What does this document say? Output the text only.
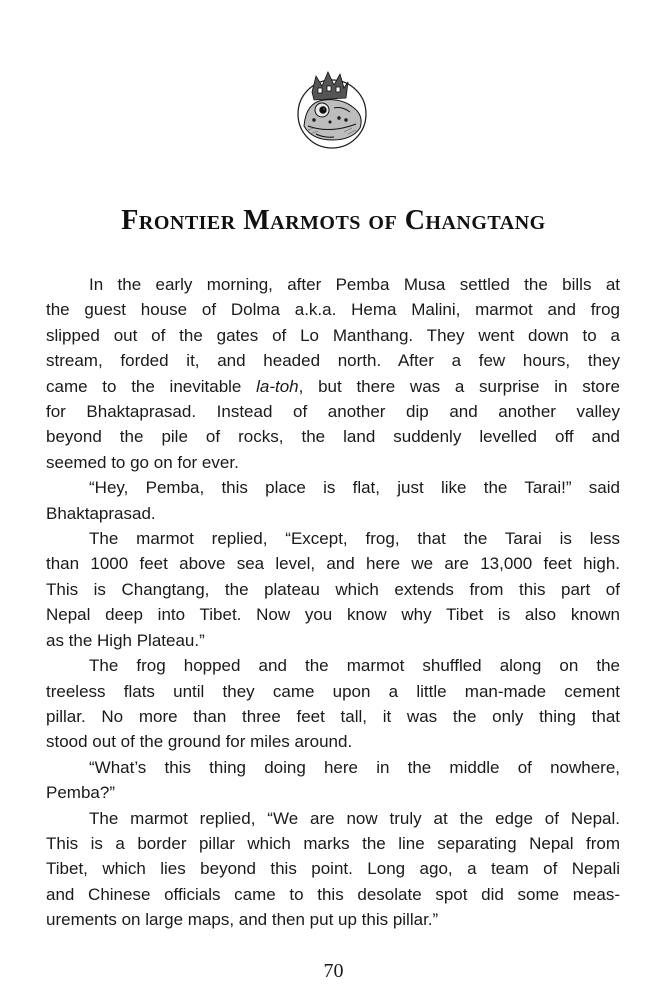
Frontier Marmots of Changtang
In the early morning, after Pemba Musa settled the bills at
the guest house of Dolma a.k.a. Hema Malini, marmot and frog
slipped out of the gates of Lo Manthang. They went down to a
stream, forded it, and headed north. After a few hours, they
came to the inevitable la-toh, but there was a surprise in store
for Bhaktaprasad. Instead of another dip and another valley
beyond the pile of rocks, the land suddenly levelled off and
seemed to go on for ever.
“Hey, Pemba, this place is flat, just like the Tarai!” said
Bhaktaprasad.
The marmot replied, “Except, frog, that the Tarai is less
than 1000 feet above sea level, and here we are 13,000 feet high.
This is Changtang, the plateau which extends from this part of
Nepal deep into Tibet. Now you know why Tibet is also known
as the High Plateau.”
The frog hopped and the marmot shuffled along on the
treeless flats until they came upon a little man-made cement
pillar. No more than three feet tall, it was the only thing that
stood out of the ground for miles around.
“What’s this thing doing here in the middle of nowhere,
Pemba?”
The marmot replied, “We are now truly at the edge of Nepal.
This is a border pillar which marks the line separating Nepal from
Tibet, which lies beyond this point. Long ago, a team of Nepali
and Chinese officials came to this desolate spot did some meas-
urements on large maps, and then put up this pillar.”
70
